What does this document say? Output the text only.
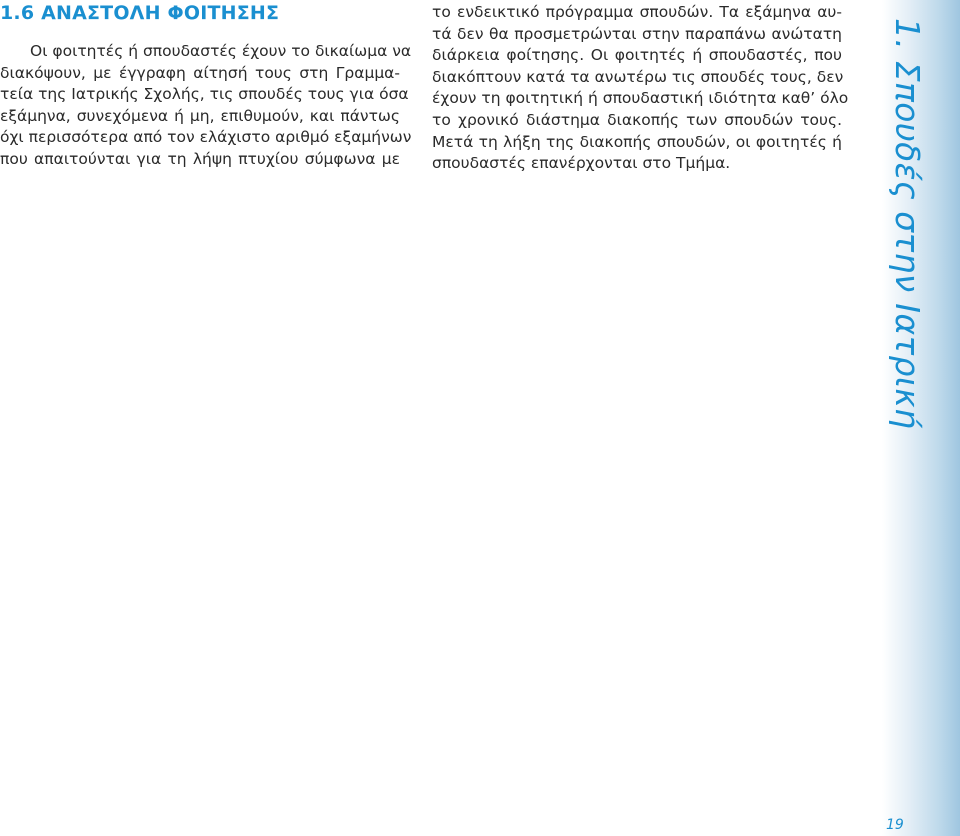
1.6 ΑΝΑΣΤΟΛΗ ΦΟΙΤΗΣΗΣ
Οι φοιτητές ή σπουδαστές έχουν το δικαίωμα να
διακόψουν, με έγγραφη αίτησή τους στη Γραμμα-
τεία της Ιατρικής Σχολής, τις σπουδές τους για όσα
εξάμηνα, συνεχόμενα ή μη, επιθυμούν, και πάντως
όχι περισσότερα από τον ελάχιστο αριθμό εξαμήνων
που απαιτούνται για τη λήψη πτυχίου σύμφωνα με
το ενδεικτικό πρόγραμμα σπουδών. Τα εξάμηνα αυ-
τά δεν θα προσμετρώνται στην παραπάνω ανώτατη
διάρκεια φοίτησης. Οι φοιτητές ή σπουδαστές, που
διακόπτουν κατά τα ανωτέρω τις σπουδές τους, δεν
έχουν τη φοιτητική ή σπουδαστική ιδιότητα καθ’ όλο
το χρονικό διάστημα διακοπής των σπουδών τους.
Μετά τη λήξη της διακοπής σπουδών, οι φοιτητές ή
σπουδαστές επανέρχονται στο Τμήμα.	1. Σπουδές στην Ιατρική
19
